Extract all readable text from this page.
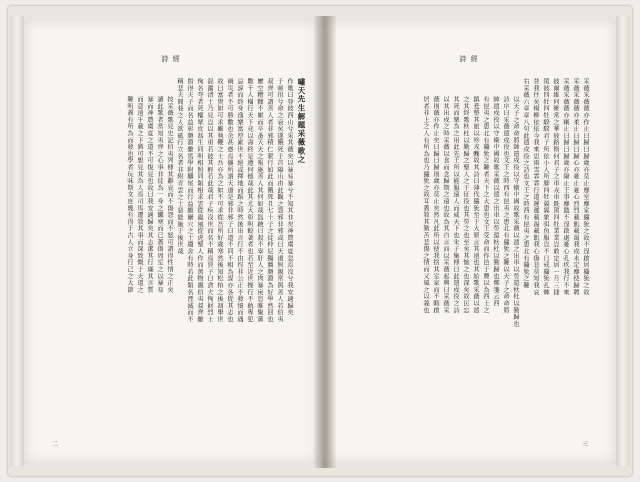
詩 經
嘯天先生解題采薇歌之
作歌曰登彼西山兮采其薇矣以暴易暴兮不知其非矣神農虞夏忽焉沒兮我安適歸矣
于嗟徂兮命之衰矣遂餓死于首陽山由此觀之怨邪非邪或曰天道無親常與善人若伯夷
叔齊可謂善人者非邪積仁絜行如此而餓死且七十子之徒仲尼獨薦顏淵為好學然回也
屢空糟糠不厭而卒蚤夭天之報施善人其何如哉盜蹠日殺不辜肝人之肉暴戾恣睢聚黨
數千人橫行天下竟以壽終是遵何德哉此其尤大彰明較著者也若至近世操行不軌專犯
忌諱而終身逸樂富厚累世不絕或擇地而蹈之時然後出言行不由徑非公正不發憤而遇
禍災者不可勝數也余甚惑焉儻所謂天道是邪非邪子曰道不同不相為謀亦各從其志也
故曰富貴如可求雖執鞭之士吾亦為之如不可求從吾所好歲寒然後知松柏之後凋舉世
混濁清士乃見豈以其重若彼其輕若此哉君子疾沒世而名不稱焉賈子曰貪夫徇財烈士
徇名夸者死權眾庶馮生同明相照同類相求雲從龍風從虎聖人作而萬物覩伯夷叔齊雖
賢得夫子而名益彰顏淵雖篤學附驥尾而行益顯巖穴之士趨舍有時若此類名湮滅而不
稱悲夫閭巷之人欲砥行立名者非附青雲之士惡能施于後世哉
按采薇歌見史記伯夷列傳其辭哀而不傷怨而不怒可謂得性情之正矣
讀此歌者當知夷齊之心事非徒為一身之饑寒而已蓋傷周室之以暴易
暴而神農虞夏之道不可復見也故曰我安適歸矣其志潔其行廉其言質
而意遠千載之下猶可想見其為人焉司馬遷敘其事而深致慨于天道之
難明蓋有所為而發也學者玩味斯文庶幾有得于古人立身行己之大節
二
詩 經
采薇采薇薇亦作止曰歸曰歸歲亦莫止靡室靡家玁狁之故不遑啟居玁狁之故
采薇采薇薇亦柔止曰歸曰歸心亦憂止憂心烈烈載飢載渴我戍未定靡使歸聘
采薇采薇薇亦剛止曰歸曰歸歲亦陽止王事靡盬不遑啟處憂心孔疚我行不來
彼爾維何維常之華彼路斯何君子之車戎車既駕四牡業業豈敢定居一月三捷
駕彼四牡四牡騤騤君子所依小人所腓四牡翼翼象弭魚服豈不日戒玁狁孔棘
昔我往矣楊柳依依今我來思雨雪霏霏行道遲遲載渴載飢我心傷悲莫知我哀
右采薇六章章八句此遣戍役之詩也文王之時西有昆夷之患北有玁狁之難
以天子之命命將帥遣戍役以守衛中國故歌采薇以遣之出車以勞還杕杜以勤歸也
詩序曰采薇遣戍役也文王之時西有昆夷之患北有玁狁之難以天子之命命將
帥遣戍役以守衛中國故歌采薇以遣之出車以勞還杕杜以勤歸也鄭箋云西
有昆夷之患北有玁狁之難者天下之大患也文王受命而作邑于豐以為西土之
鎮爰整其旅以殄戎醜故其詩曰薄伐玁狁至于大原言其遠也其始歌采薇以遣
之其終歌杕杜以勤歸之聖人之于征役也其勞之也至矣其恤之也深矣故民忘
其死而樂為之用此先王所以能服遠人而威天下也朱子集傳曰此遣戍役之詩
以其出戍之時采薇以食而念歸期之遠也故為其自言而以采薇起興曰采薇采
薇則薇亦作止矣曰歸曰歸則歲亦莫止矣然凡此所以使我捨其室家而不暇啟
居者非上之人有所為也乃玁狁之故耳蓋敘其勤苦悲傷之情而又風之以義也
三
